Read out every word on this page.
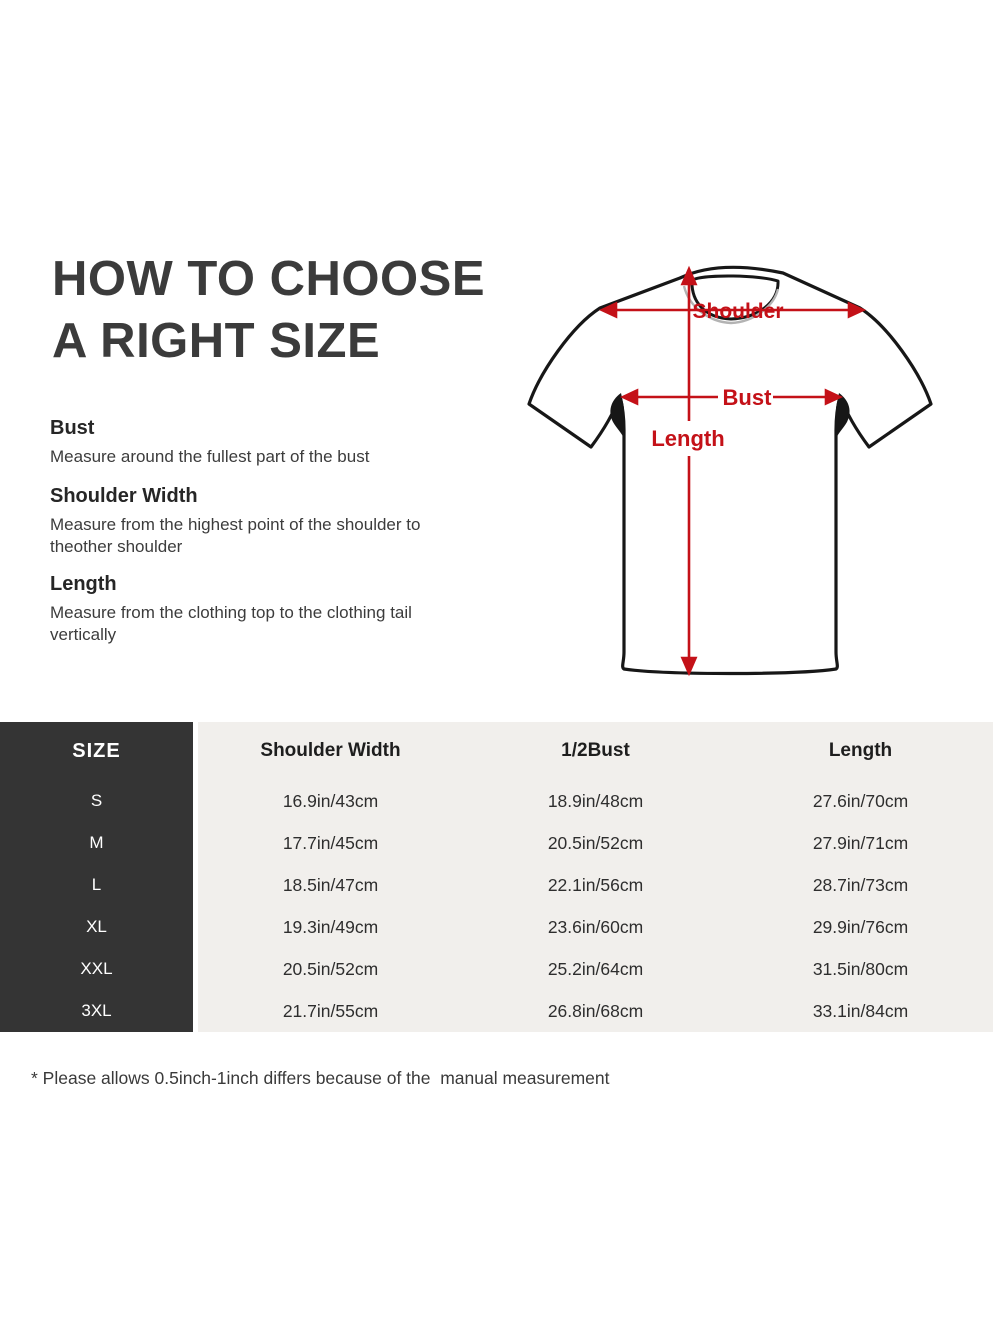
HOW TO CHOOSE
A RIGHT SIZE
Bust

Measure around the fullest part of the bust

Shoulder Width

Measure from the highest point of the shoulder to theother shoulder

Length

Measure from the clothing top to the clothing tail vertically

Shoulder
Bust
Length
SIZE	Shoulder Width	1/2Bust	Length
S	16.9in/43cm	18.9in/48cm	27.6in/70cm
M	17.7in/45cm	20.5in/52cm	27.9in/71cm
L	18.5in/47cm	22.1in/56cm	28.7in/73cm
XL	19.3in/49cm	23.6in/60cm	29.9in/76cm
XXL	20.5in/52cm	25.2in/64cm	31.5in/80cm
3XL	21.7in/55cm	26.8in/68cm	33.1in/84cm

* Please allows 0.5inch-1inch differs because of the  manual measurement
